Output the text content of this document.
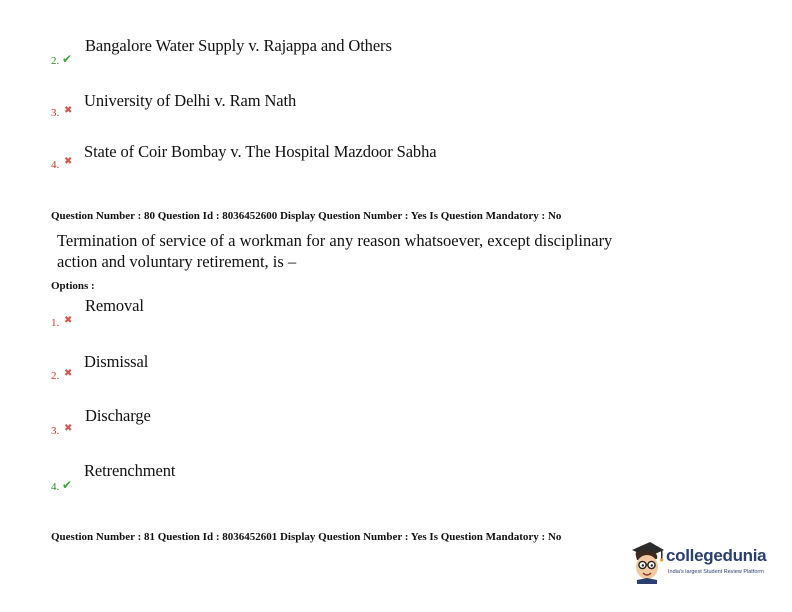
2. ✔
Bangalore Water Supply v. Rajappa and Others
3. ✖
University of Delhi v. Ram Nath
4. ✖
State of Coir Bombay v. The Hospital Mazdoor Sabha
Question Number : 80 Question Id : 8036452600 Display Question Number : Yes Is Question Mandatory : No
Termination of service of a workman for any reason whatsoever, except disciplinary
action and voluntary retirement, is –
Options :
1. ✖
Removal
2. ✖
Dismissal
3. ✖
Discharge
4. ✔
Retrenchment
Question Number : 81 Question Id : 8036452601 Display Question Number : Yes Is Question Mandatory : No
collegedunia
India's largest Student Review Platform
